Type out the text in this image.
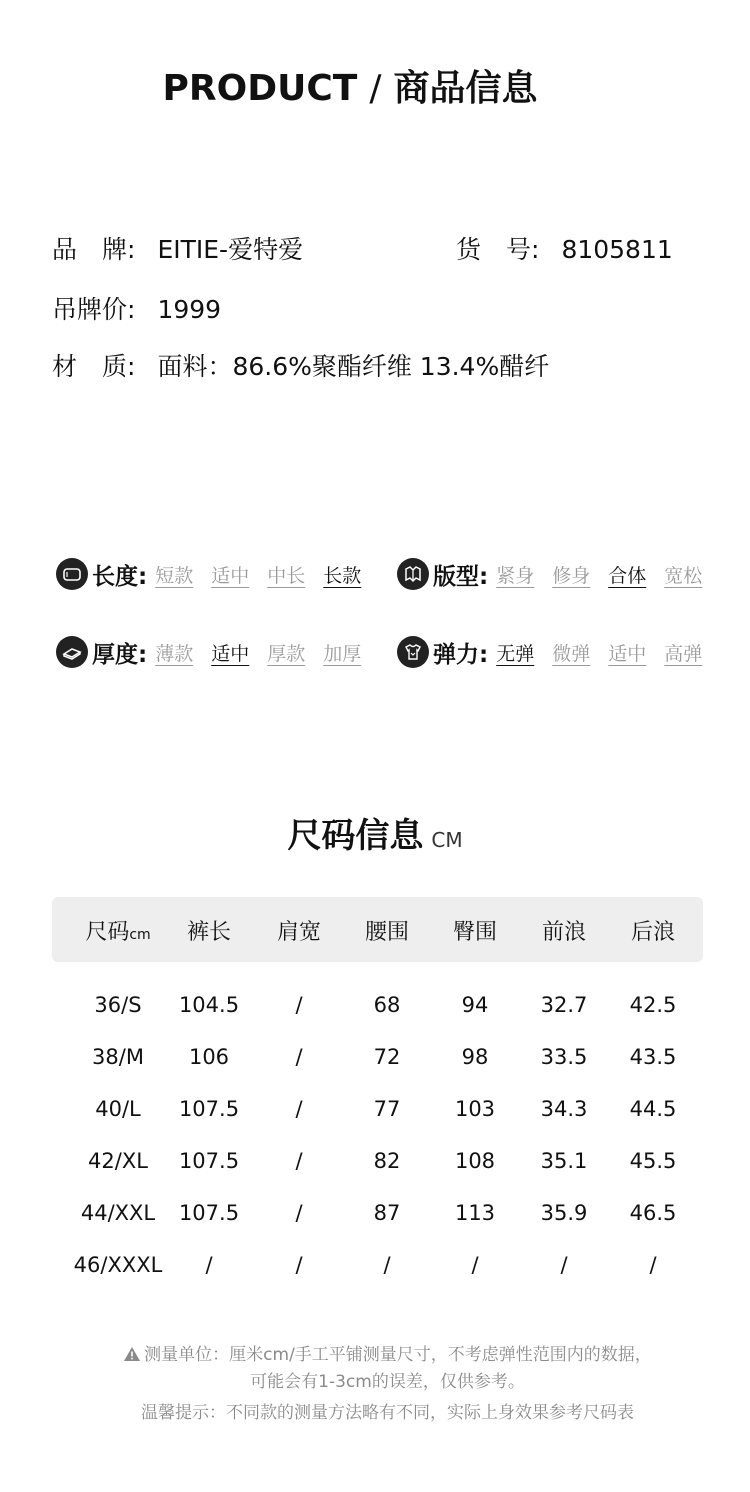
PRODUCT / 商品信息
品　牌: EITIE-爱特爱	货　号: 8105811
吊牌价: 1999
材　质: 面料：86.6%聚酯纤维 13.4%醋纤
长度: 短款 适中 中长 长款	版型: 紧身 修身 合体 宽松
厚度: 薄款 适中 厚款 加厚	弹力: 无弹 微弹 适中 高弹
尺码信息 CM
尺码cm	裤长	肩宽	腰围	臀围	前浪	后浪
36/S	104.5	/	68	94	32.7	42.5
38/M	106	/	72	98	33.5	43.5
40/L	107.5	/	77	103	34.3	44.5
42/XL	107.5	/	82	108	35.1	45.5
44/XXL	107.5	/	87	113	35.9	46.5
46/XXXL	/	/	/	/	/	/
测量单位：厘米cm/手工平铺测量尺寸，不考虑弹性范围内的数据，
可能会有1-3cm的误差，仅供参考。
温馨提示：不同款的测量方法略有不同，实际上身效果参考尺码表
